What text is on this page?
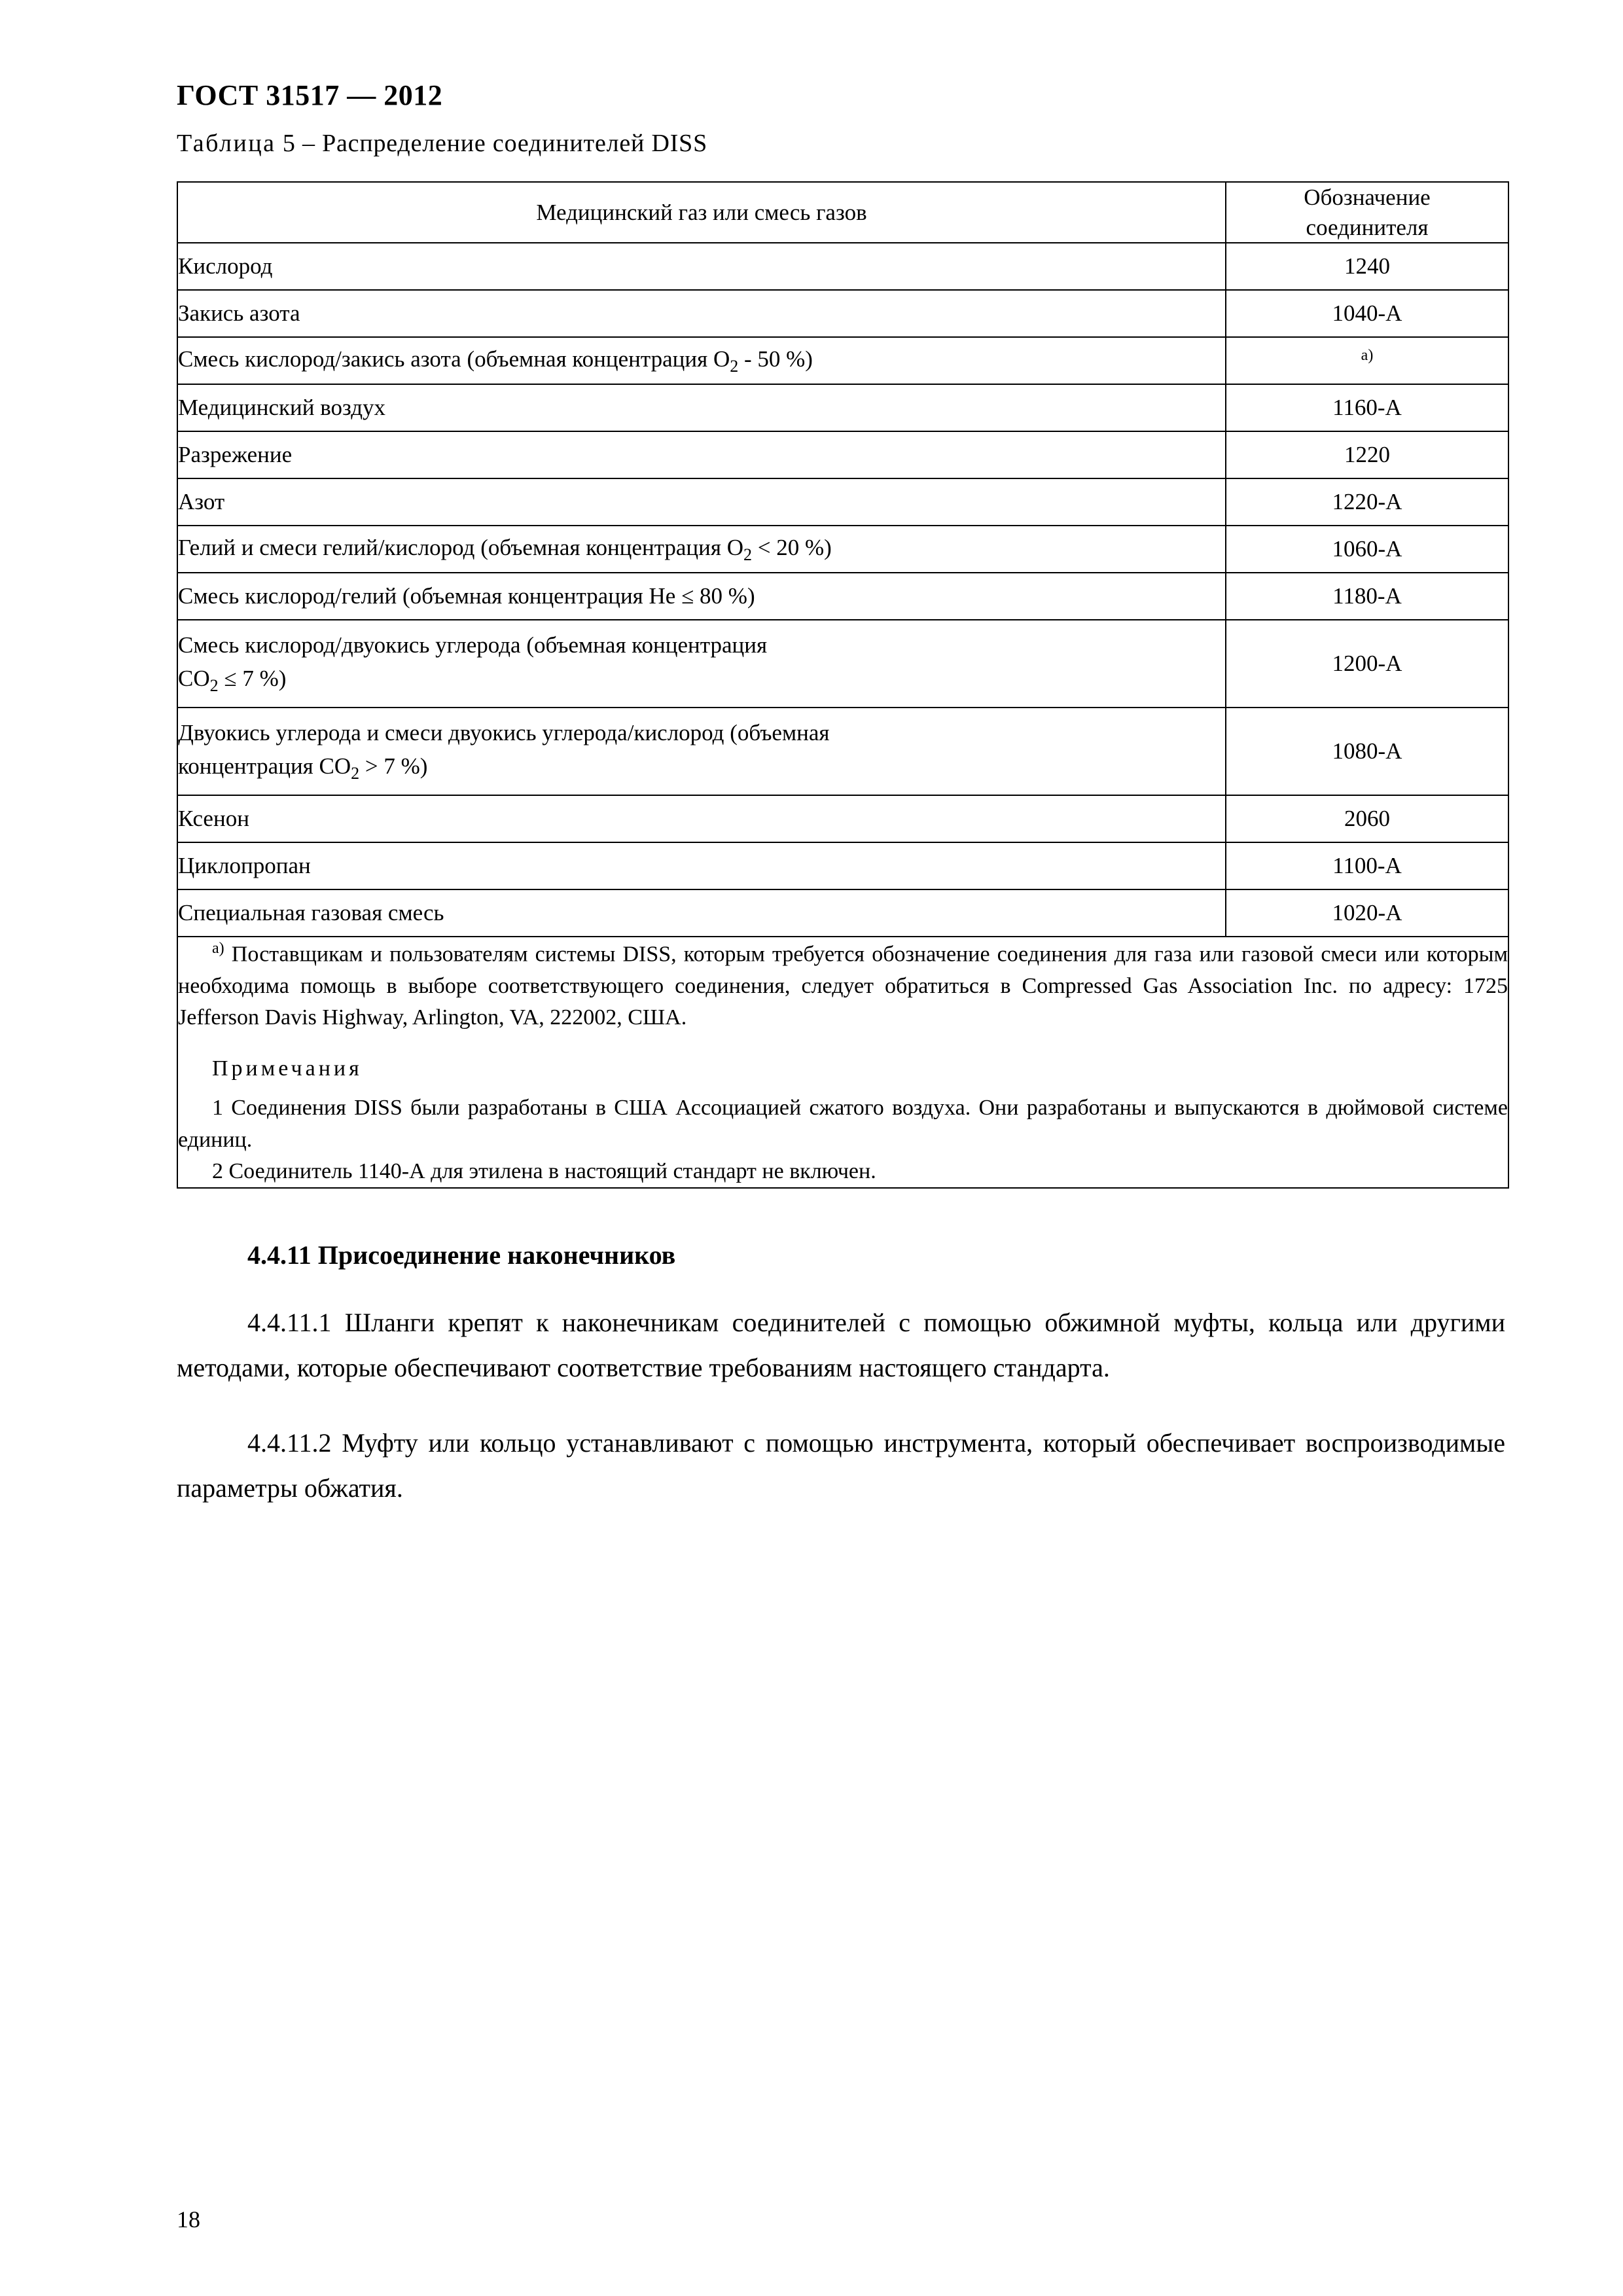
ГОСТ 31517 — 2012
Таблица 5 – Распределение соединителей DISS
Медицинский газ или смесь газов	Обозначение
соединителя
Кислород	1240
Закись азота	1040-А
Смесь кислород/закись азота (объемная концентрация $O_2 - 50$ %)	$^{а)}$
Медицинский воздух	1160-А
Разрежение	1220
Азот	1220-А
Гелий и смеси гелий/кислород (объемная концентрация $O_2 < 20$ %)	1060-А
Смесь кислород/гелий (объемная концентрация He ≤ 80 %)	1180-А
Смесь кислород/двуокись углерода (объемная концентрация
$CO_2 \le 7$ %)	1200-А
Двуокись углерода и смеси двуокись углерода/кислород (объемная
концентрация $CO_2 > 7$ %)	1080-А
Ксенон	2060
Циклопропан	1100-А
Специальная газовая смесь	1020-А

$^{а)}$ Поставщикам и пользователям системы DISS, которым требуется обозначение соединения для газа или газовой смеси или которым необходима помощь в выборе соответствующего соединения, следует обратиться в Compressed Gas Association Inc. по адресу: 1725 Jefferson Davis Highway, Arlington, VA, 222002, США.

Примечания

1 Соединения DISS были разработаны в США Ассоциацией сжатого воздуха. Они разработаны и выпускаются в дюймовой системе единиц.

2 Соединитель 1140-А для этилена в настоящий стандарт не включен.	

4.4.11 Присоединение наконечников

4.4.11.1 Шланги крепят к наконечникам соединителей с помощью обжимной муфты, кольца или другими методами, которые обеспечивают соответствие требованиям настоящего стандарта.

4.4.11.2 Муфту или кольцо устанавливают с помощью инструмента, который обеспечивает воспроизводимые параметры обжатия.

18
